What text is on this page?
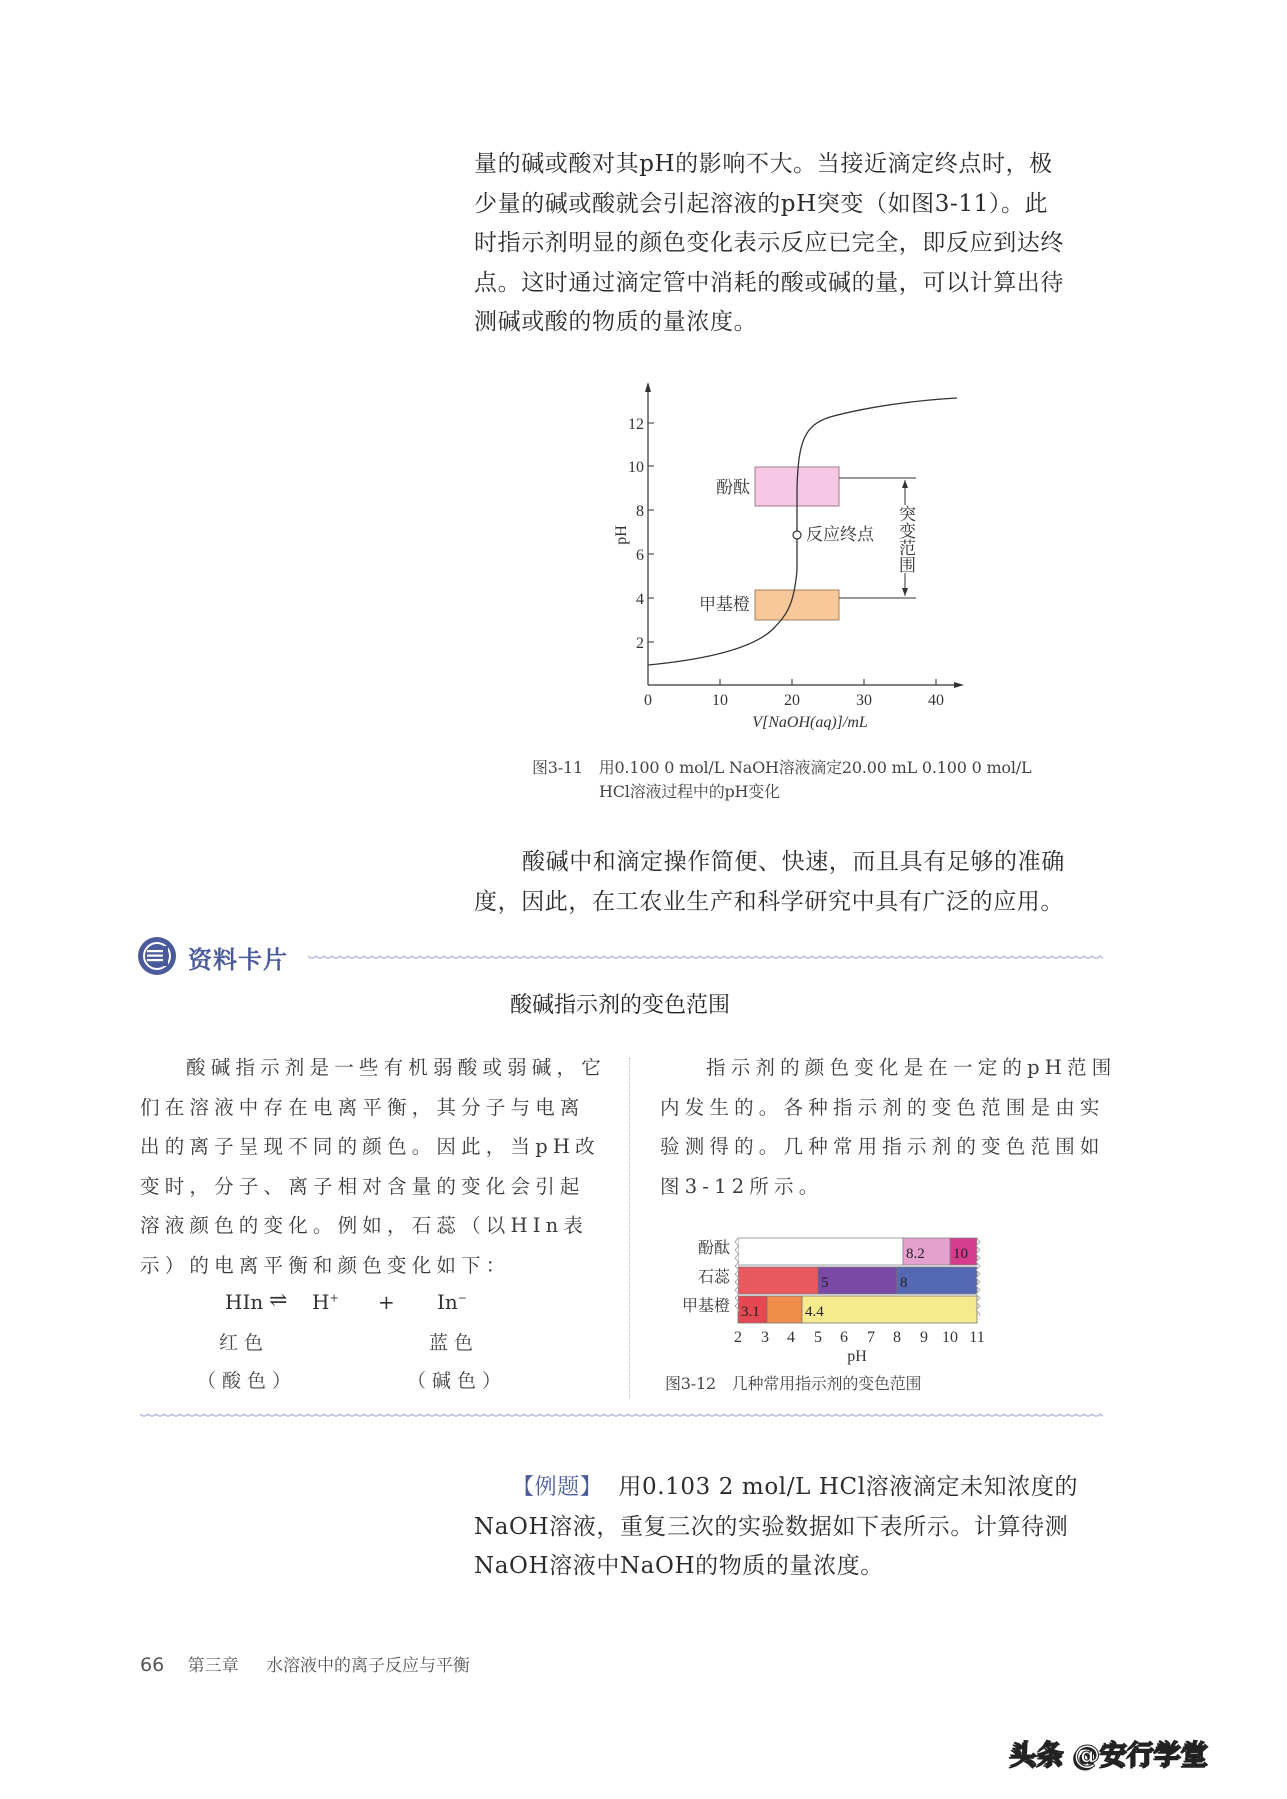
量的碱或酸对其pH的影响不大。当接近滴定终点时，极

少量的碱或酸就会引起溶液的pH突变（如图3-11）。此

时指示剂明显的颜色变化表示反应已完全，即反应到达终

点。这时通过滴定管中消耗的酸或碱的量，可以计算出待

测碱或酸的物质的量浓度。

2
4
6
8
10
12
0	10	20	30	40
V[NaOH(aq)]/mL
pH
酚酞
甲基橙
突变范围
反应终点
图3-11　用0.100 0 mol/L NaOH溶液滴定20.00 mL 0.100 0 mol/L
HCl溶液过程中的pH变化

酸碱中和滴定操作简便、快速，而且具有足够的准确

度，因此，在工农业生产和科学研究中具有广泛的应用。

资料卡片
酸碱指示剂的变色范围

酸碱指示剂是一些有机弱酸或弱碱，它

们在溶液中存在电离平衡，其分子与电离

出的离子呈现不同的颜色。因此，当pH改

变时，分子、离子相对含量的变化会引起

溶液颜色的变化。例如，石蕊（以HIn表

示）的电离平衡和颜色变化如下：

HIn ⇌ H+ + In−
红色
（酸色）
蓝色
（碱色）

指示剂的颜色变化是在一定的pH范围

内发生的。各种指示剂的变色范围是由实

验测得的。几种常用指示剂的变色范围如

图3-12所示。

酚酞
石蕊
甲基橙
8.2 10
5	8
3.1	4.4
2 3 4 5 6 7 8 9 10 11
pH
图3-12　几种常用指示剂的变色范围

【例题】 用0.103 2 mol/L HCl溶液滴定未知浓度的

NaOH溶液，重复三次的实验数据如下表所示。计算待测

NaOH溶液中NaOH的物质的量浓度。

66 第三章 水溶液中的离子反应与平衡
头条 @安行学堂
